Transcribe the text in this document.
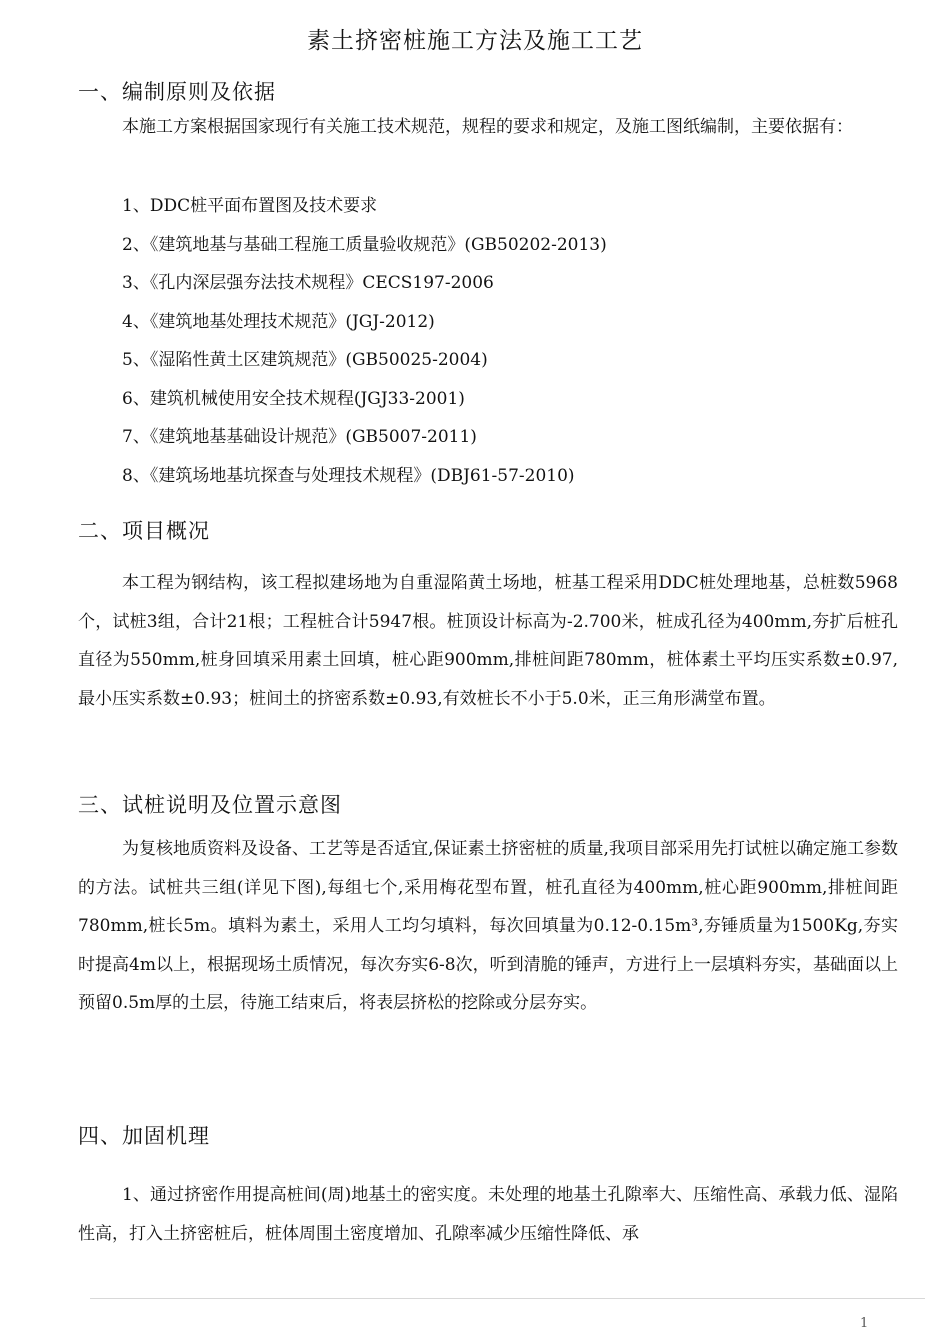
素土挤密桩施工方法及施工工艺
一、编制原则及依据

本施工方案根据国家现行有关施工技术规范，规程的要求和规定，及施工图纸编制，主要依据有：

1、DDC桩平面布置图及技术要求
2、《建筑地基与基础工程施工质量验收规范》(GB50202-2013)
3、《孔内深层强夯法技术规程》CECS197-2006
4、《建筑地基处理技术规范》(JGJ-2012)
5、《湿陷性黄土区建筑规范》(GB50025-2004)
6、建筑机械使用安全技术规程(JGJ33-2001)
7、《建筑地基基础设计规范》(GB5007-2011)
8、《建筑场地基坑探查与处理技术规程》(DBJ61-57-2010)
二、项目概况

本工程为钢结构，该工程拟建场地为自重湿陷黄土场地，桩基工程采用DDC桩处理地基，总桩数5968个，试桩3组，合计21根；工程桩合计5947根。桩顶设计标高为-2.700米，桩成孔径为400mm,夯扩后桩孔直径为550mm,桩身回填采用素土回填，桩心距900mm,排桩间距780mm，桩体素土平均压实系数±0.97,最小压实系数±0.93；桩间土的挤密系数±0.93,有效桩长不小于5.0米，正三角形满堂布置。

三、试桩说明及位置示意图

为复核地质资料及设备、工艺等是否适宜,保证素土挤密桩的质量,我项目部采用先打试桩以确定施工参数的方法。试桩共三组(详见下图),每组七个,采用梅花型布置，桩孔直径为400mm,桩心距900mm,排桩间距780mm,桩长5m。填料为素土，采用人工均匀填料，每次回填量为0.12-0.15m³,夯锤质量为1500Kg,夯实时提高4m以上，根据现场土质情况，每次夯实6-8次，听到清脆的锤声，方进行上一层填料夯实，基础面以上预留0.5m厚的土层，待施工结束后，将表层挤松的挖除或分层夯实。

四、加固机理

1、通过挤密作用提高桩间(周)地基土的密实度。未处理的地基土孔隙率大、压缩性高、承载力低、湿陷性高，打入土挤密桩后，桩体周围土密度增加、孔隙率减少压缩性降低、承

1
